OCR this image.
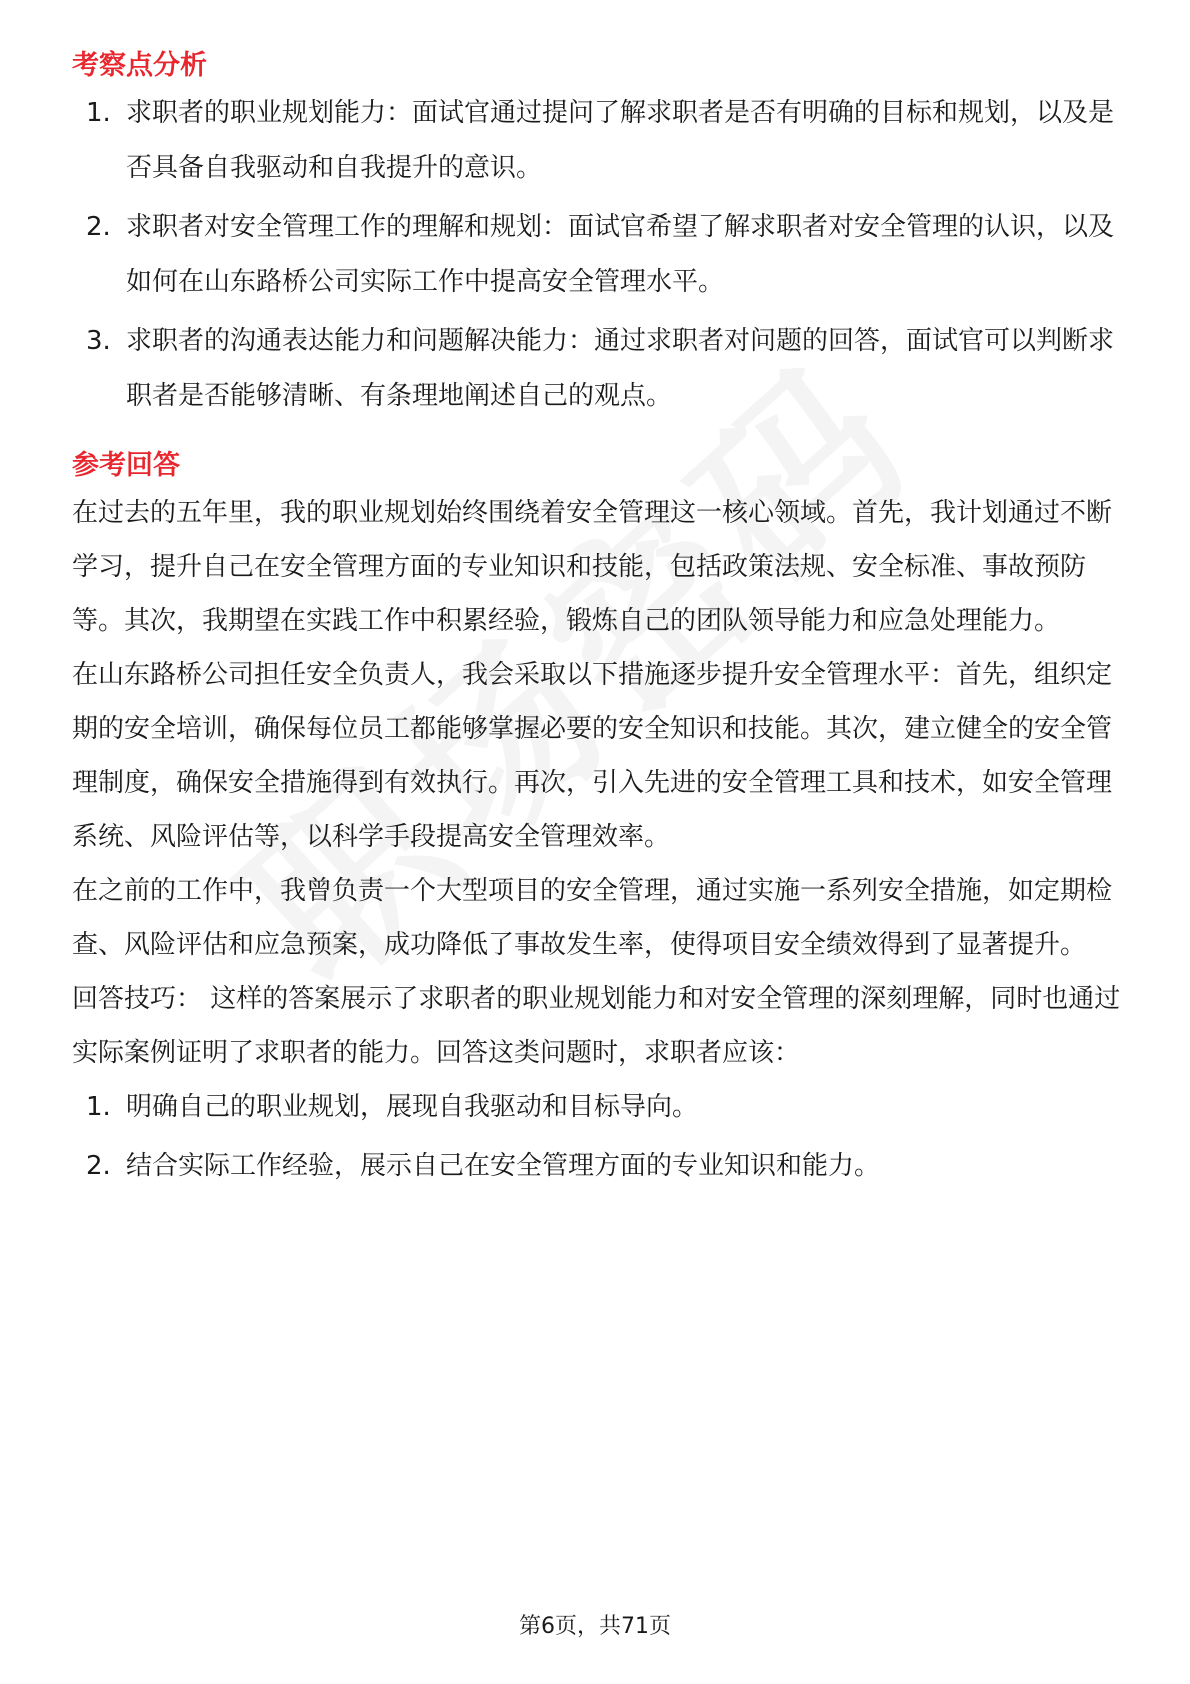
考察点分析
1. 求职者的职业规划能力：面试官通过提问了解求职者是否有明确的目标和规划，以及是否具备自我驱动和自我提升的意识。
2. 求职者对安全管理工作的理解和规划：面试官希望了解求职者对安全管理的认识，以及如何在山东路桥公司实际工作中提高安全管理水平。
3. 求职者的沟通表达能力和问题解决能力：通过求职者对问题的回答，面试官可以判断求职者是否能够清晰、有条理地阐述自己的观点。
参考回答

在过去的五年里，我的职业规划始终围绕着安全管理这一核心领域。首先，我计划通过不断学习，提升自己在安全管理方面的专业知识和技能，包括政策法规、安全标准、事故预防等。其次，我期望在实践工作中积累经验，锻炼自己的团队领导能力和应急处理能力。

在山东路桥公司担任安全负责人，我会采取以下措施逐步提升安全管理水平：首先，组织定期的安全培训，确保每位员工都能够掌握必要的安全知识和技能。其次，建立健全的安全管理制度，确保安全措施得到有效执行。再次，引入先进的安全管理工具和技术，如安全管理系统、风险评估等，以科学手段提高安全管理效率。

在之前的工作中，我曾负责一个大型项目的安全管理，通过实施一系列安全措施，如定期检查、风险评估和应急预案，成功降低了事故发生率，使得项目安全绩效得到了显著提升。

回答技巧： 这样的答案展示了求职者的职业规划能力和对安全管理的深刻理解，同时也通过实际案例证明了求职者的能力。回答这类问题时，求职者应该：

1. 明确自己的职业规划，展现自我驱动和目标导向。
2. 结合实际工作经验，展示自己在安全管理方面的专业知识和能力。
第6页，共71页
